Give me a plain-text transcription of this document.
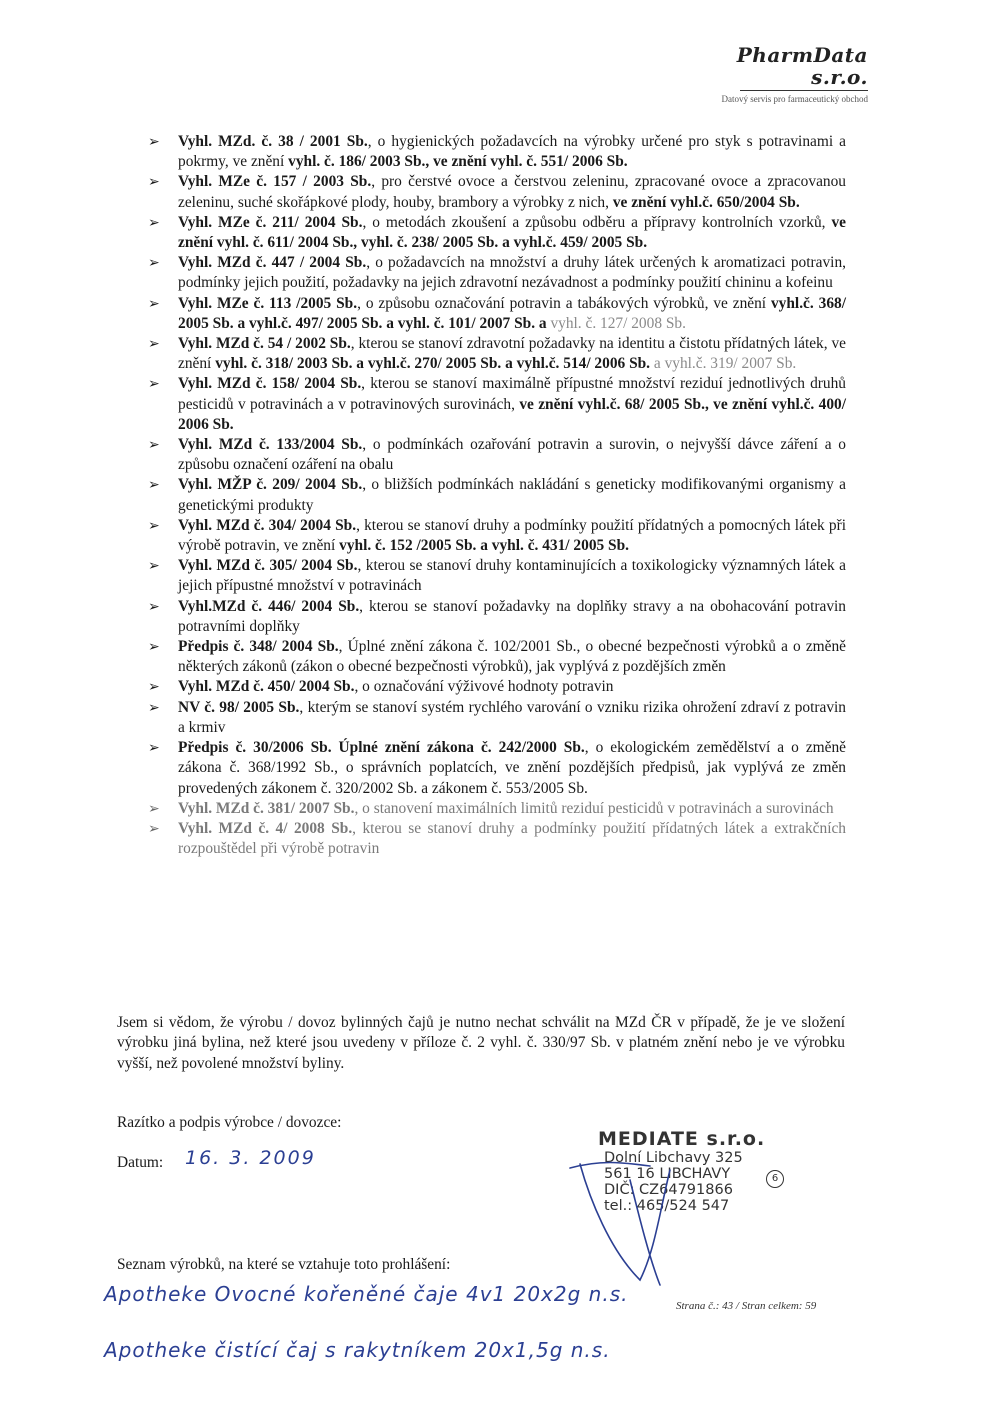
PharmData s.r.o.
Datový servis pro farmaceutický obchod
➢ Vyhl. MZd. č. 38 / 2001 Sb., o hygienických požadavcích na výrobky určené pro styk s potravinami a pokrmy, ve znění vyhl. č. 186/ 2003 Sb., ve znění vyhl. č. 551/ 2006 Sb.
➢ Vyhl. MZe č. 157 / 2003 Sb., pro čerstvé ovoce a čerstvou zeleninu, zpracované ovoce a zpracovanou zeleninu, suché skořápkové plody, houby, brambory a výrobky z nich, ve znění vyhl.č. 650/2004 Sb.
➢ Vyhl. MZe č. 211/ 2004 Sb., o metodách zkoušení a způsobu odběru a přípravy kontrolních vzorků, ve znění vyhl. č. 611/ 2004 Sb., vyhl. č. 238/ 2005 Sb. a vyhl.č. 459/ 2005 Sb.
➢ Vyhl. MZd č. 447 / 2004 Sb., o požadavcích na množství a druhy látek určených k aromatizaci potravin, podmínky jejich použití, požadavky na jejich zdravotní nezávadnost a podmínky použití chininu a kofeinu
➢ Vyhl. MZe č. 113 /2005 Sb., o způsobu označování potravin a tabákových výrobků, ve znění vyhl.č. 368/ 2005 Sb. a vyhl.č. 497/ 2005 Sb. a vyhl. č. 101/ 2007 Sb. a vyhl. č. 127/ 2008 Sb.
➢ Vyhl. MZd č. 54 / 2002 Sb., kterou se stanoví zdravotní požadavky na identitu a čistotu přídatných látek, ve znění vyhl. č. 318/ 2003 Sb. a vyhl.č. 270/ 2005 Sb. a vyhl.č. 514/ 2006 Sb. a vyhl.č. 319/ 2007 Sb.
➢ Vyhl. MZd č. 158/ 2004 Sb., kterou se stanoví maximálně přípustné množství reziduí jednotlivých druhů pesticidů v potravinách a v potravinových surovinách, ve znění vyhl.č. 68/ 2005 Sb., ve znění vyhl.č. 400/ 2006 Sb.
➢ Vyhl. MZd č. 133/2004 Sb., o podmínkách ozařování potravin a surovin, o nejvyšší dávce záření a o způsobu označení ozáření na obalu
➢ Vyhl. MŽP č. 209/ 2004 Sb., o bližších podmínkách nakládání s geneticky modifikovanými organismy a genetickými produkty
➢ Vyhl. MZd č. 304/ 2004 Sb., kterou se stanoví druhy a podmínky použití přídatných a pomocných látek při výrobě potravin, ve znění vyhl. č. 152 /2005 Sb. a vyhl. č. 431/ 2005 Sb.
➢ Vyhl. MZd č. 305/ 2004 Sb., kterou se stanoví druhy kontaminujících a toxikologicky významných látek a jejich přípustné množství v potravinách
➢ Vyhl.MZd č. 446/ 2004 Sb., kterou se stanoví požadavky na doplňky stravy a na obohacování potravin potravními doplňky
➢ Předpis č. 348/ 2004 Sb., Úplné znění zákona č. 102/2001 Sb., o obecné bezpečnosti výrobků a o změně některých zákonů (zákon o obecné bezpečnosti výrobků), jak vyplývá z pozdějších změn
➢ Vyhl. MZd č. 450/ 2004 Sb., o označování výživové hodnoty potravin
➢ NV č. 98/ 2005 Sb., kterým se stanoví systém rychlého varování o vzniku rizika ohrožení zdraví z potravin a krmiv
➢ Předpis č. 30/2006 Sb. Úplné znění zákona č. 242/2000 Sb., o ekologickém zemědělství a o změně zákona č. 368/1992 Sb., o správních poplatcích, ve znění pozdějších předpisů, jak vyplývá ze změn provedených zákonem č. 320/2002 Sb. a zákonem č. 553/2005 Sb.
➢ Vyhl. MZd č. 381/ 2007 Sb., o stanovení maximálních limitů reziduí pesticidů v potravinách a surovinách
➢ Vyhl. MZd č. 4/ 2008 Sb., kterou se stanoví druhy a podmínky použití přídatných látek a extrakčních rozpouštědel při výrobě potravin
Jsem si vědom, že výrobu / dovoz bylinných čajů je nutno nechat schválit na MZd ČR v případě, že je ve složení výrobku jiná bylina, než které jsou uvedeny v příloze č. 2 vyhl. č. 330/97 Sb. v platném znění nebo je ve výrobku vyšší, než povolené množství byliny.
Razítko a podpis výrobce / dovozce:
Datum: 16. 3. 2009
MEDIATE s.r.o.
Dolní Libchavy 325
561 16 LIBCHAVY
DIČ: CZ64791866
tel.: 465/524 547
6
Seznam výrobků, na které se vztahuje toto prohlášení:
Apotheke Ovocné kořeněné čaje 4v1 20x2g n.s.
Apotheke čistící čaj s rakytníkem 20x1,5g n.s.
Strana č.: 43 / Stran celkem: 59
